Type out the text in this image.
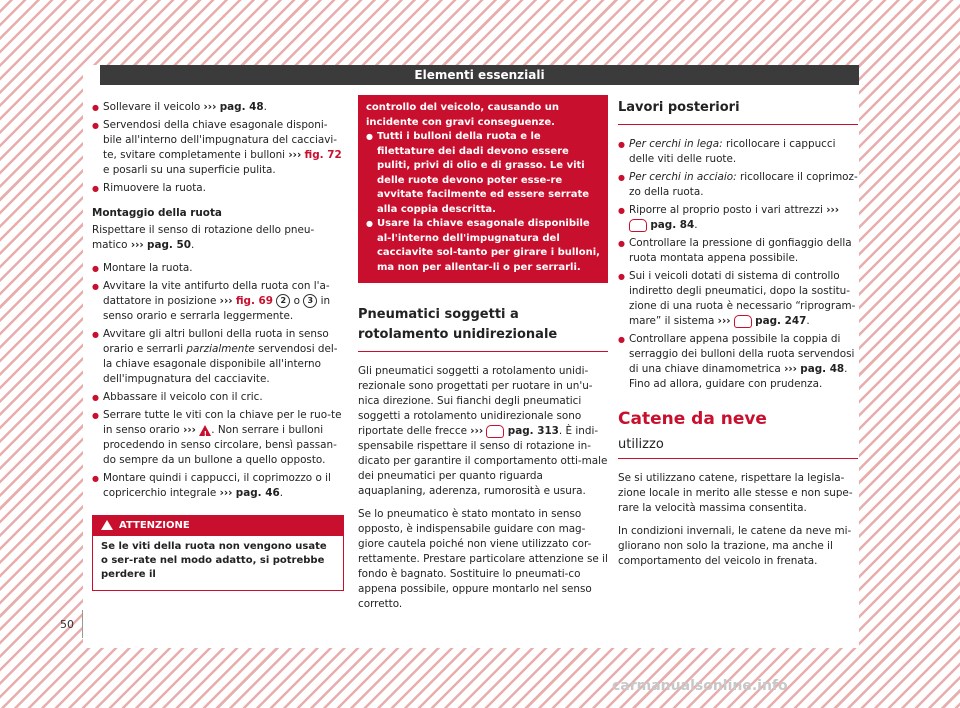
Elementi essenziali
● Sollevare il veicolo ››› pag. 48.
● Servendosi della chiave esagonale disponi-bile all'interno dell'impugnatura del cacciavi-te, svitare completamente i bulloni ››› fig. 72 e posarli su una superficie pulita.
● Rimuovere la ruota.
Montaggio della ruota

Rispettare il senso di rotazione dello pneu-matico ››› pag. 50.

● Montare la ruota.
● Avvitare la vite antifurto della ruota con l'a-dattatore in posizione ››› fig. 69 2 o 3 in senso orario e serrarla leggermente.
● Avvitare gli altri bulloni della ruota in senso orario e serrarli parzialmente servendosi del-la chiave esagonale disponibile all'interno dell'impugnatura del cacciavite.
● Abbassare il veicolo con il cric.
● Serrare tutte le viti con la chiave per le ruo-te in senso orario ››› ! . Non serrare i bulloni procedendo in senso circolare, bensì passan-do sempre da un bullone a quello opposto.
● Montare quindi i cappucci, il coprimozzo o il copricerchio integrale ››› pag. 46.
ATTENZIONE
Se le viti della ruota non vengono usate o ser-rate nel modo adatto, si potrebbe perdere il
controllo del veicolo, causando un incidente con gravi conseguenze.
● Tutti i bulloni della ruota e le filettature dei dadi devono essere puliti, privi di olio e di grasso. Le viti delle ruote devono poter esse-re avvitate facilmente ed essere serrate alla coppia descritta.
● Usare la chiave esagonale disponibile al-l'interno dell'impugnatura del cacciavite sol-tanto per girare i bulloni, ma non per allentar-li o per serrarli.
Pneumatici soggetti a rotolamento unidirezionale

Gli pneumatici soggetti a rotolamento unidi-rezionale sono progettati per ruotare in un'u-nica direzione. Sui fianchi degli pneumatici soggetti a rotolamento unidirezionale sono riportate delle frecce ››› pag. 313. È indi-spensabile rispettare il senso di rotazione in-dicato per garantire il comportamento otti-male dei pneumatici per quanto riguarda aquaplaning, aderenza, rumorosità e usura.

Se lo pneumatico è stato montato in senso opposto, è indispensabile guidare con mag-giore cautela poiché non viene utilizzato cor-rettamente. Prestare particolare attenzione se il fondo è bagnato. Sostituire lo pneumati-co appena possibile, oppure montarlo nel senso corretto.

Lavori posteriori
● Per cerchi in lega: ricollocare i cappucci delle viti delle ruote.
● Per cerchi in acciaio: ricollocare il coprimoz-zo della ruota.
● Riporre al proprio posto i vari attrezzi ›››  pag. 84.
● Controllare la pressione di gonfiaggio della ruota montata appena possibile.
● Sui i veicoli dotati di sistema di controllo indiretto degli pneumatici, dopo la sostitu-zione di una ruota è necessario “riprogram-mare” il sistema ››› pag. 247.
● Controllare appena possibile la coppia di serraggio dei bulloni della ruota servendosi di una chiave dinamometrica ››› pag. 48. Fino ad allora, guidare con prudenza.
Catene da neve
utilizzo

Se si utilizzano catene, rispettare la legisla-zione locale in merito alle stesse e non supe-rare la velocità massima consentita.

In condizioni invernali, le catene da neve mi-gliorano non solo la trazione, ma anche il comportamento del veicolo in frenata.

50
carmanualsonline.info
